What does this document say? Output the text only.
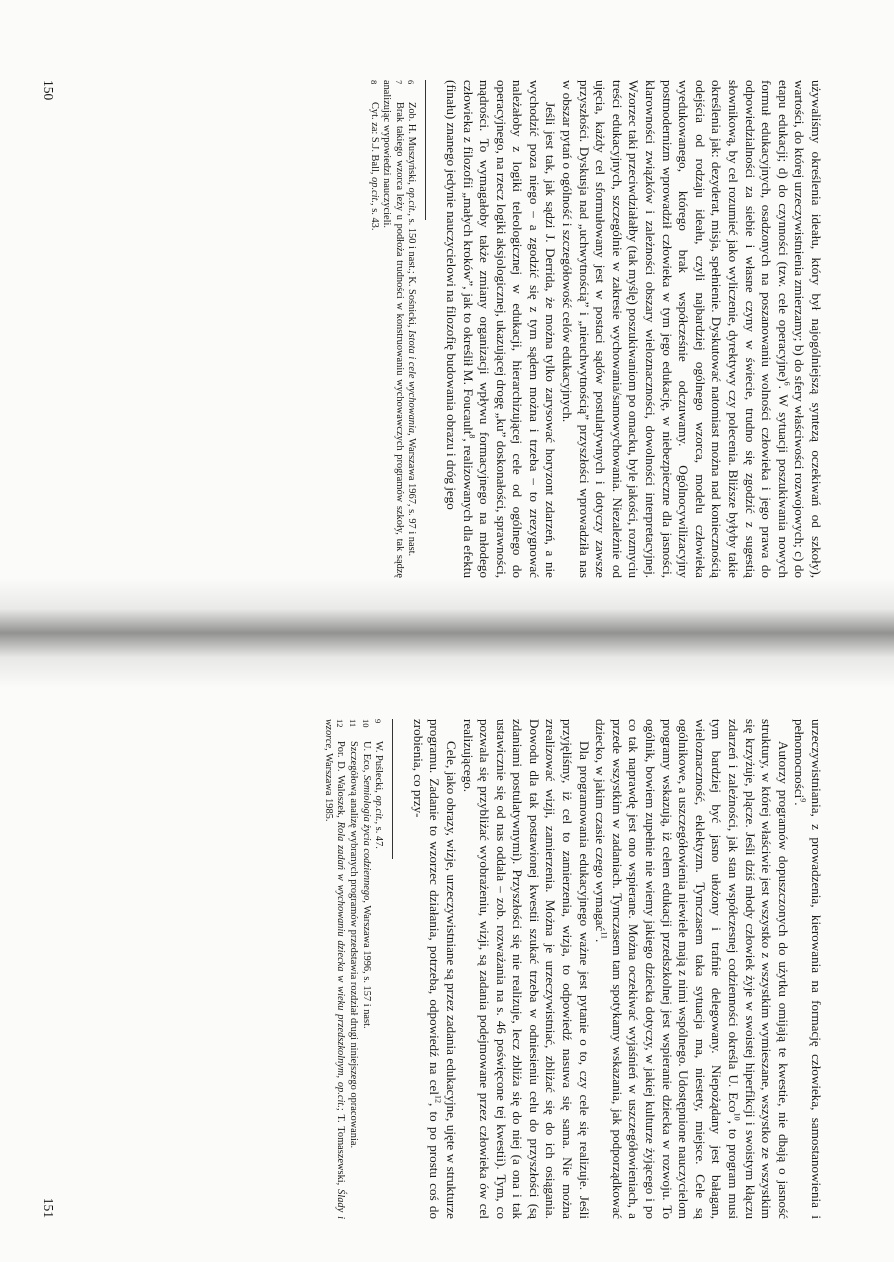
używaliśmy określenia ideału, który był najogólniejszą syntezą oczekiwań od szkoły), wartości, do której urzeczywistnienia zmierzamy; b) do sfery właściwości rozwojowych; c) do etapu edukacji; d) do czynności (tzw. cele operacyjne)$^6$. W sytuacji poszukiwania nowych formuł edukacyjnych, osadzonych na poszanowaniu wolności człowieka i jego prawa do odpowiedzialności za siebie i własne czyny w świecie, trudno się zgodzić z sugestią słownikową, by cel rozumieć jako wyliczenie, dyrektywy czy polecenia. Bliższe byłyby takie określenia jak: dezyderat, misja, spełnienie. Dyskutować natomiast można nad koniecznością odejścia od rodzaju ideału, czyli najbardziej ogólnego wzorca, modelu człowieka wyedukowanego, którego brak współcześnie odczuwamy. Ogólnocywilizacyjny postmodernizm wprowadził człowieka w tym jego edukację, w niebezpieczne dla jasności, klarowności związków i zależności obszary wieloznaczności, dowolności interpretacyjnej. Wzorzec taki przeciwdziałałby (tak myślę) poszukiwaniom po omacku, byle jakości, rozmyciu treści edukacyjnych, szczególnie w zakresie wychowania/samowychowania. Niezależnie od ujęcia, każdy cel sformułowany jest w postaci sądów postulatywnych i dotyczy zawsze przyszłości. Dyskusja nad „uchwytnością” i „nieuchwytnością” przyszłości wprowadziła nas w obszar pytań o ogólność i szczegółowość celów edukacyjnych.

Jeśli jest tak, jak sądzi J. Derrida, że można tylko zarysować horyzont zdarzeń, a nie wychodzić poza niego – a zgodzić się z tym sądem można i trzeba – to zrezygnować należałoby z logiki teleologicznej w edukacji, hierarchizującej cele od ogólnego do operacyjnego, na rzecz logiki aksjologicznej, ukazującej drogę „ku” doskonałości, sprawności, mądrości. To wymagałoby także zmiany organizacji wpływu formacyjnego na młodego człowieka z filozofii „małych kroków”, jak to określił M. Foucault$^8$, realizowanych dla efektu (finału) znanego jedynie nauczycielowi na filozofię budowania obrazu i dróg jego

6Zob. H. Muszyński, op.cit., s. 150 i nast.; K. Sośnicki, Istota i cele wychowania, Warszawa 1967, s. 97 i nast.

7Brak takiego wzorca leży u podłoża trudności w konstruowaniu wychowawczych programów szkoły, tak sądzę analizując wypowiedzi nauczycieli.

8Cyt. za: S.J. Ball, op.cit., s. 43.

150

urzeczywistniania, z prowadzenia, kierowania na formację człowieka, samostanowienia i pełnomocności$^9$.

Autorzy programów dopuszczonych do użytku omijają te kwestie, nie dbają o jasność struktury, w której właściwie jest wszystko z wszystkim wymieszane, wszystko ze wszystkim się krzyżuje, plącze. Jeśli dziś młody człowiek żyje w swoistej hiperfikcji i swoistym kłączu zdarzeń i zależności, jak stan współczesnej codzienności określa U. Eco$^{10}$, to program musi tym bardziej być jasno ułożony i trafnie delegowany. Niepożądany jest bałagan, wieloznaczność, eklektyzm. Tymczasem taka sytuacja ma, niestety, miejsce. Cele są ogólnikowe, a uszczegółowienia niewiele mają z nimi wspólnego. Udostępnione nauczycielom programy wskazują, iż celem edukacji przedszkolnej jest wspieranie dziecka w rozwoju. To ogólnik, bowiem zupełnie nie wiemy jakiego dziecka dotyczy, w jakiej kulturze żyjącego i po co tak naprawdę jest ono wspierane. Można oczekiwać wyjaśnień w uszczegółowieniach, a przede wszystkim w zadaniach. Tymczasem tam spotykamy wskazania, jak podporządkować dziecko, w jakim czasie czego wymagać$^{11}$.

Dla programowania edukacyjnego ważne jest pytanie o to, czy cele się realizuje. Jeśli przyjęliśmy, iż cel to zamierzenia, wizja, to odpowiedź nasuwa się sama. Nie można zrealizować wizji, zamierzenia. Można je urzeczywistniać, zbliżać się do ich osiągania. Dowodu dla tak postawionej kwestii szukać trzeba w odniesieniu celu do przyszłości (są zdaniami postulatywnymi). Przyszłości się nie realizuje, lecz zbliża się do niej (a ona i tak ustawicznie się od nas oddala – zob. rozważania na s. 46 poświęcone tej kwestii). Tym, co pozwala się przybliżać wyobrażeniu, wizji, są zadania podejmowane przez człowieka ów cel realizującego.

Cele, jako obrazy, wizje, urzeczywistniane są przez zadania edukacyjne, ujęte w strukturze programu. Zadanie to wzorzec działania, potrzeba, odpowiedź na cel$^{12}$, to po prostu coś do zrobienia, co przy-

9W. Puślecki, op.cit., s. 47.

10U. Eco, Semiologia życia codziennego, Warszawa 1996, s. 157 i nast.

11Szczegółową analizę wybranych programów przedstawia rozdział drugi niniejszego opracowania.

12Por. D. Waloszek, Rola zadań w wychowaniu dziecka w wieku przedszkolnym, op.cit.; T. Tomaszewski, Ślady i wzorce, Warszawa 1985.

151
